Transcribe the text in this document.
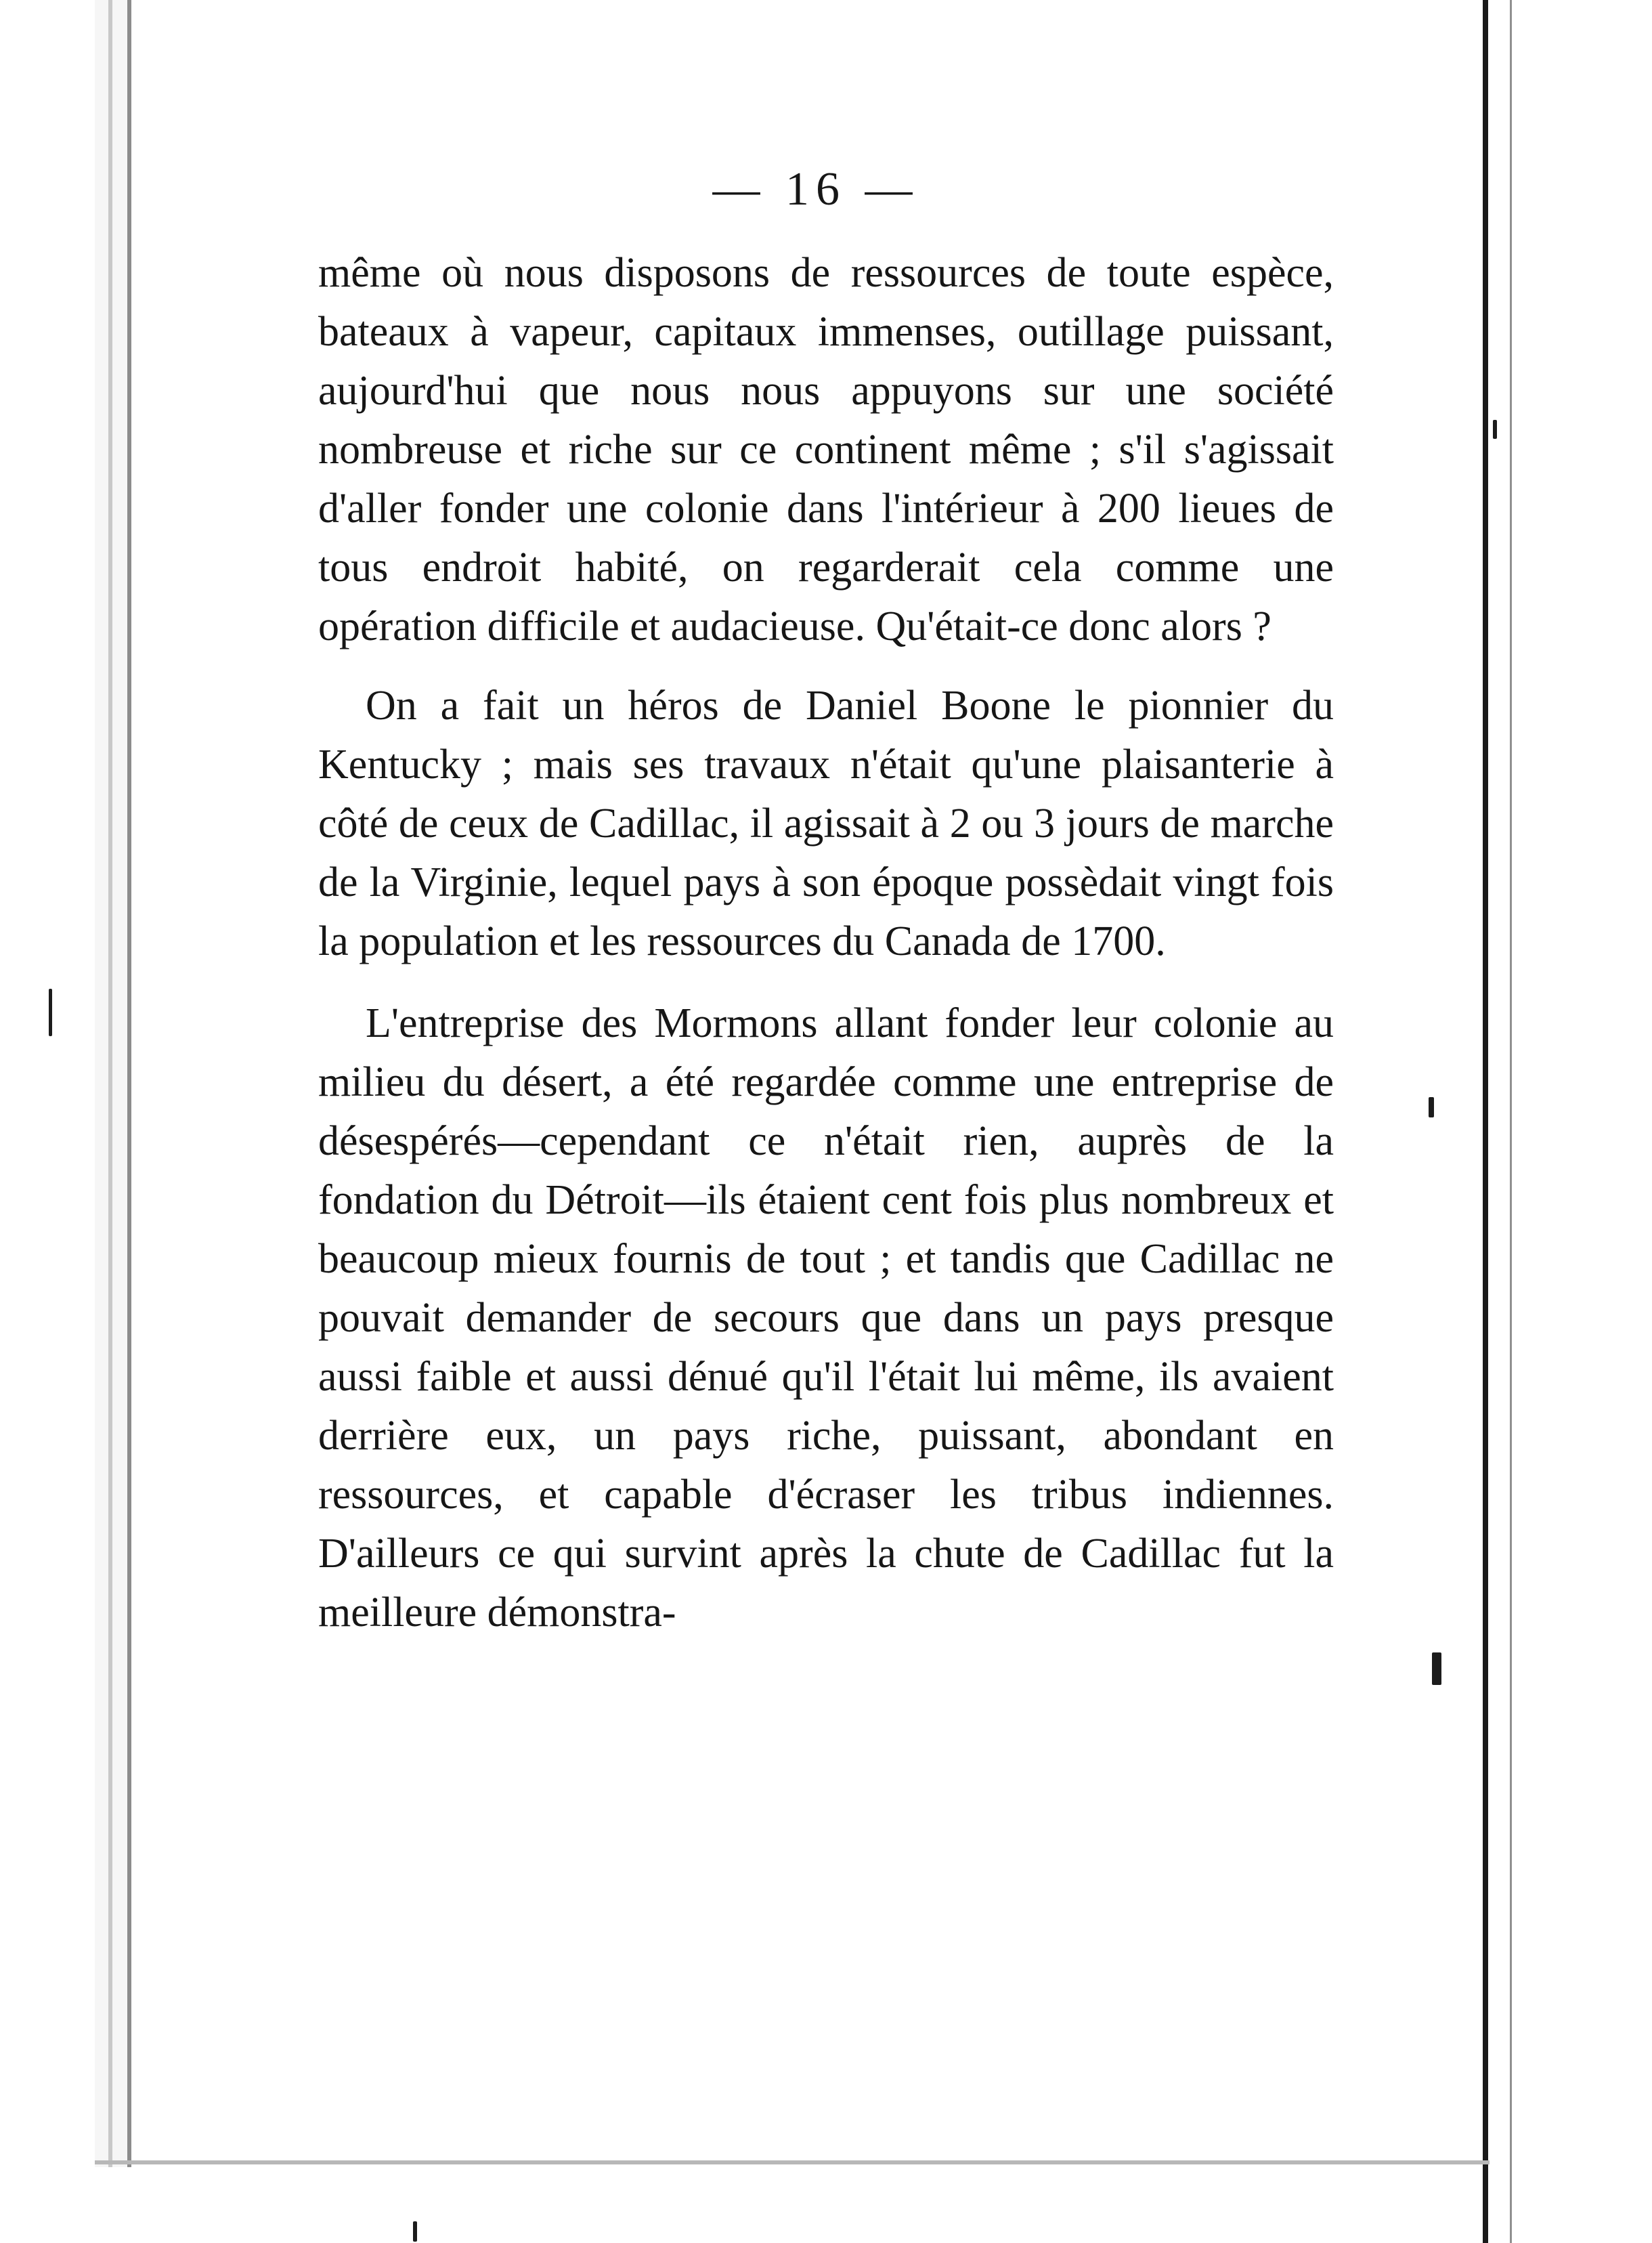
— 16 —

même où nous disposons de ressources de toute espèce, bateaux à vapeur, capitaux immenses, outillage puissant, aujourd'hui que nous nous appuyons sur une société nombreuse et riche sur ce continent même ; s'il s'agissait d'aller fonder une colonie dans l'intérieur à 200 lieues de tous endroit habité, on regarderait cela comme une opération difficile et audacieuse. Qu'était-ce donc alors ?

On a fait un héros de Daniel Boone le pionnier du Kentucky ; mais ses travaux n'était qu'une plaisanterie à côté de ceux de Cadillac, il agissait à 2 ou 3 jours de marche de la Virginie, lequel pays à son époque possèdait vingt fois la population et les ressources du Canada de 1700.

L'entreprise des Mormons allant fonder leur colonie au milieu du désert, a été regardée comme une entreprise de désespérés—cependant ce n'était rien, auprès de la fondation du Détroit—ils étaient cent fois plus nombreux et beaucoup mieux fournis de tout ; et tandis que Cadillac ne pouvait demander de secours que dans un pays presque aussi faible et aussi dénué qu'il l'était lui même, ils avaient derrière eux, un pays riche, puissant, abondant en ressources, et capable d'écraser les tribus indiennes. D'ailleurs ce qui survint après la chute de Cadillac fut la meilleure démonstra-
